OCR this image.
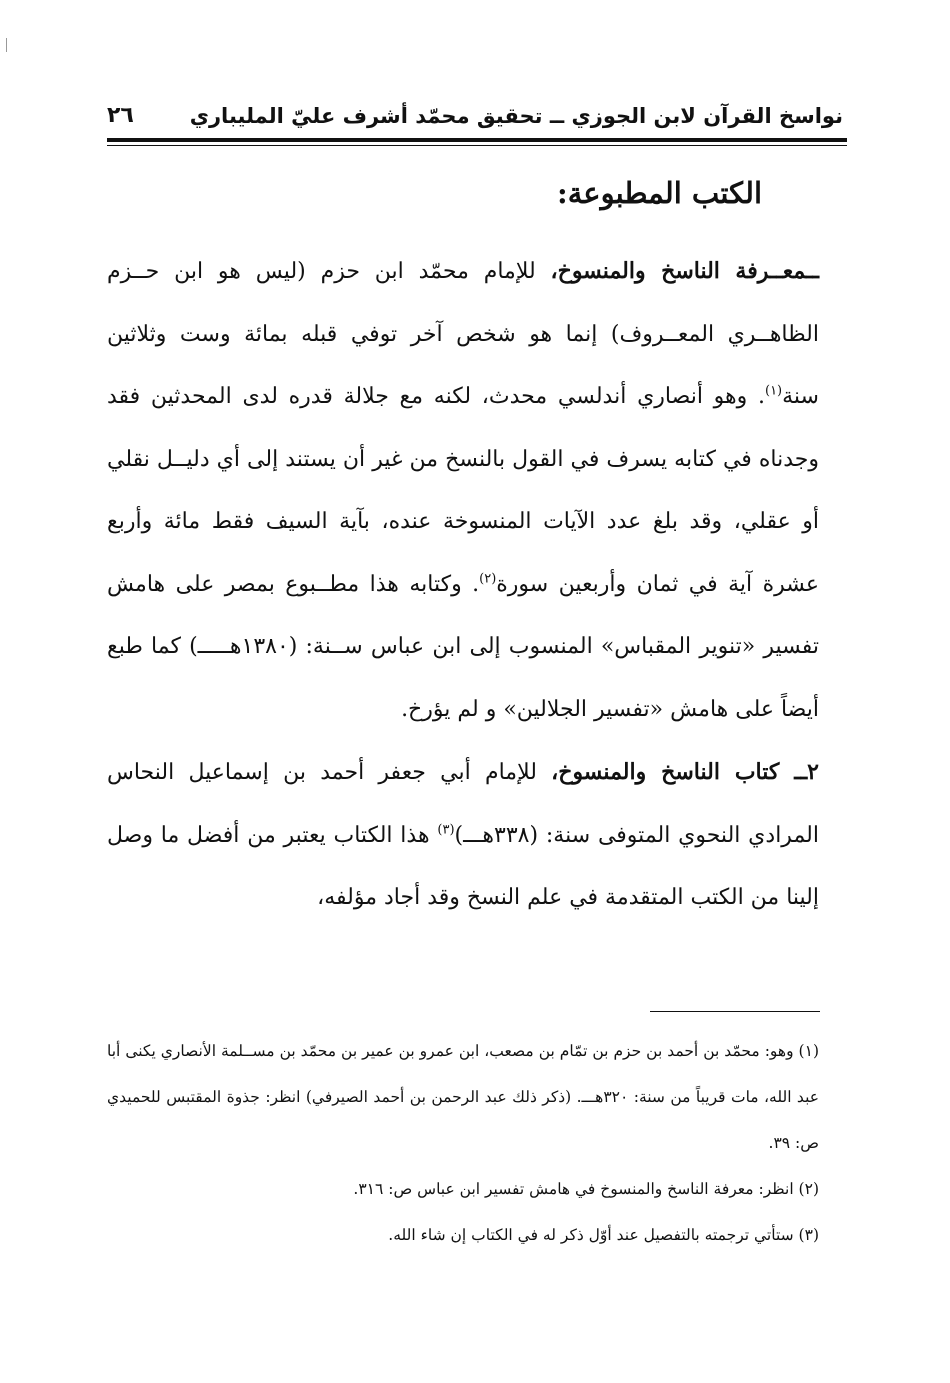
نواسخ القرآن لابن الجوزي ــ تحقيق محمّد أشرف عليّ المليباري
٢٦
الكتب المطبوعة:

ــمعــرفة الناسخ والمنسوخ، للإمام محمّد ابن حزم (ليس هو ابن حــزم الظاهــري المعــروف) إنما هو شخص آخر توفي قبله بمائة وست وثلاثين سنة$^{(١)}$. وهو أنصاري أندلسي محدث، لكنه مع جلالة قدره لدى المحدثين فقد وجدناه في كتابه يسرف في القول بالنسخ من غير أن يستند إلى أي دليــل نقلي أو عقلي، وقد بلغ عدد الآيات المنسوخة عنده، بآية السيف فقط مائة وأربع عشرة آية في ثمان وأربعين سورة$^{(٢)}$. وكتابه هذا مطــبوع بمصر على هامش تفسير «تنوير المقباس» المنسوب إلى ابن عباس ســنة: (١٣٨٠هـــــ) كما طبع أيضاً على هامش «تفسير الجلالين» و لم يؤرخ.

٢ــ كتاب الناسخ والمنسوخ، للإمام أبي جعفر أحمد بن إسماعيل النحاس المرادي النحوي المتوفى سنة: (٣٣٨هـــ)$^{(٣)}$ هذا الكتاب يعتبر من أفضل ما وصل إلينا من الكتب المتقدمة في علم النسخ وقد أجاد مؤلفه،

(١) وهو: محمّد بن أحمد بن حزم بن تمّام بن مصعب، ابن عمرو بن عمير بن محمّد بن مســلمة الأنصاري يكنى أبا عبد الله، مات قريباً من سنة: ٣٢٠هـــ. (ذكر ذلك عبد الرحمن بن أحمد الصيرفي) انظر: جذوة المقتبس للحميدي ص: ٣٩.

(٢) انظر: معرفة الناسخ والمنسوخ في هامش تفسير ابن عباس ص: ٣١٦.

(٣) ستأتي ترجمته بالتفصيل عند أوّل ذكر له في الكتاب إن شاء الله.
